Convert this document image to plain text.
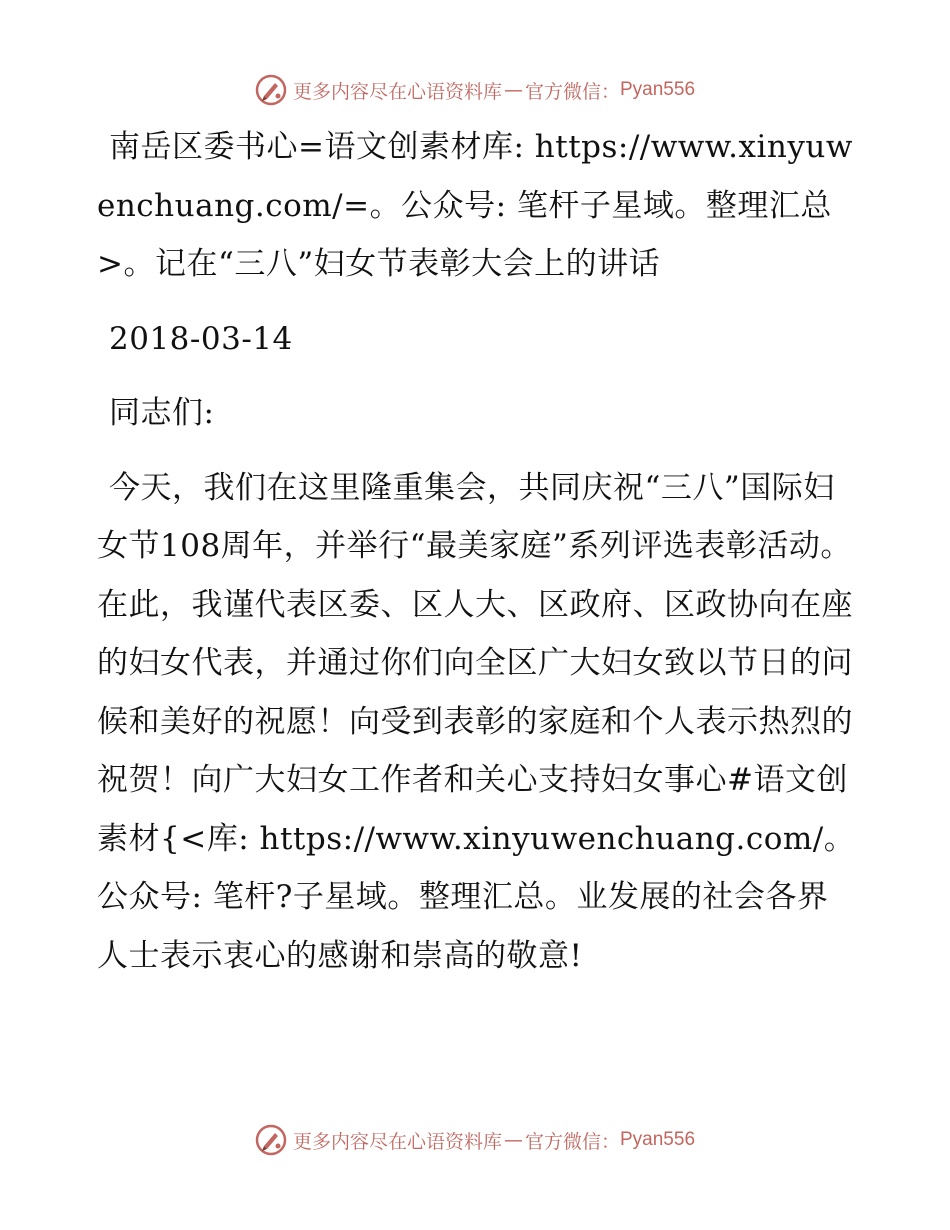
更多内容尽在心语资料库 — 官方微信： Pyan556

南岳区委书心=语文创素材库: https://www.xinyuwenchuang.com/=。公众号: 笔杆子星域。整理汇总>。记在“三八”妇女节表彰大会上的讲话

2018-03-14

同志们:

今天，我们在这里隆重集会，共同庆祝“三八”国际妇女节108周年，并举行“最美家庭”系列评选表彰活动。在此，我谨代表区委、区人大、区政府、区政协向在座的妇女代表，并通过你们向全区广大妇女致以节日的问候和美好的祝愿！向受到表彰的家庭和个人表示热烈的祝贺！向广大妇女工作者和关心支持妇女事心#语文创素材{<库: https://www.xinyuwenchuang.com/。公众号: 笔杆?子星域。整理汇总。业发展的社会各界人士表示衷心的感谢和崇高的敬意!

更多内容尽在心语资料库 — 官方微信： Pyan556
